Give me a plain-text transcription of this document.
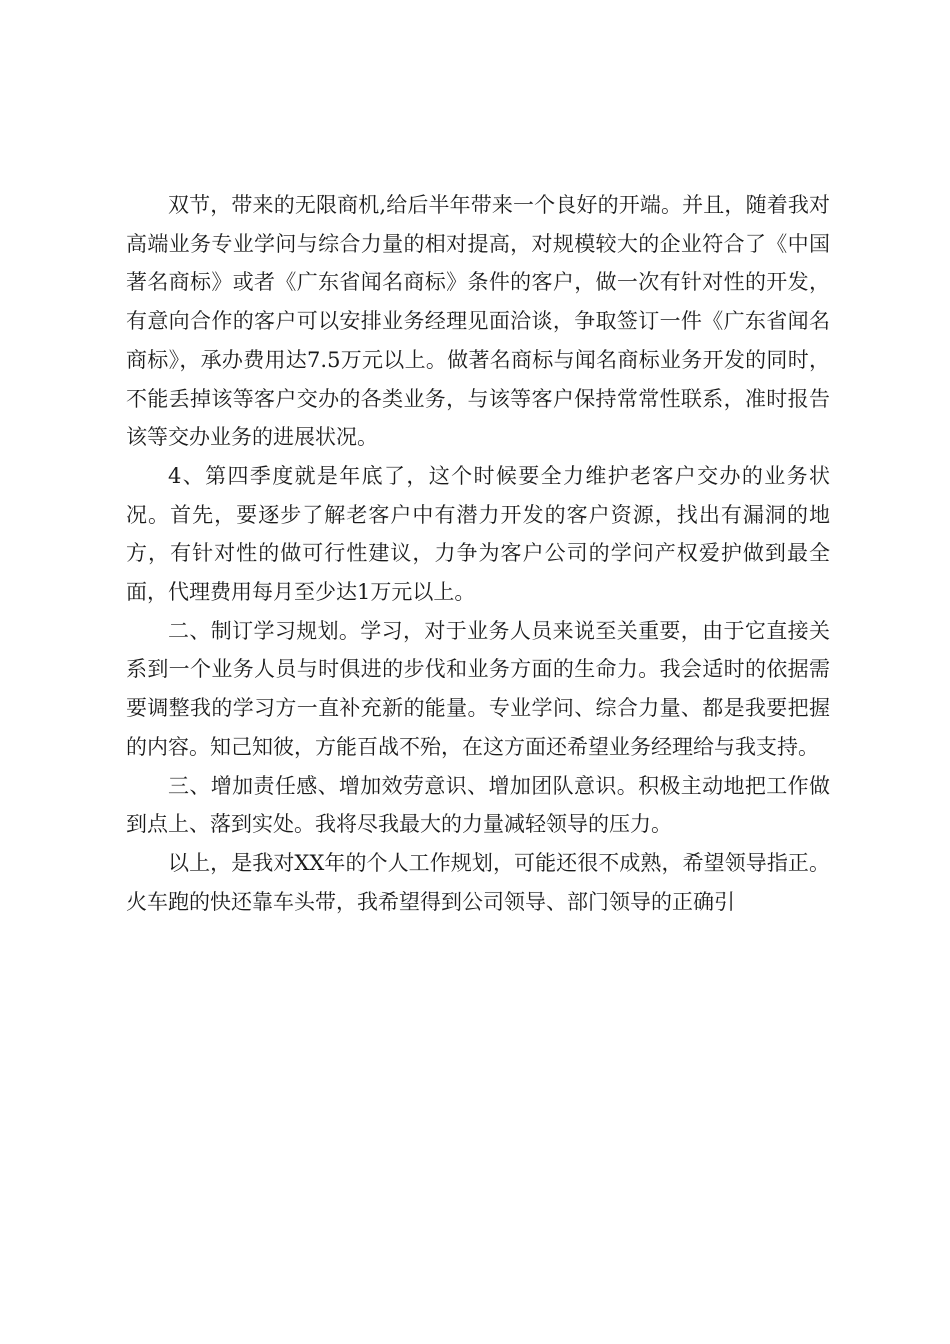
双节，带来的无限商机,给后半年带来一个良好的开端。并且，随着我对高端业务专业学问与综合力量的相对提高，对规模较大的企业符合了《中国著名商标》或者《广东省闻名商标》条件的客户，做一次有针对性的开发，有意向合作的客户可以安排业务经理见面洽谈，争取签订一件《广东省闻名商标》，承办费用达7.5万元以上。做著名商标与闻名商标业务开发的同时，不能丢掉该等客户交办的各类业务，与该等客户保持常常性联系，准时报告该等交办业务的进展状况。

4、第四季度就是年底了，这个时候要全力维护老客户交办的业务状况。首先，要逐步了解老客户中有潜力开发的客户资源，找出有漏洞的地方，有针对性的做可行性建议，力争为客户公司的学问产权爱护做到最全面，代理费用每月至少达1万元以上。

二、制订学习规划。学习，对于业务人员来说至关重要，由于它直接关系到一个业务人员与时俱进的步伐和业务方面的生命力。我会适时的依据需要调整我的学习方一直补充新的能量。专业学问、综合力量、都是我要把握的内容。知己知彼，方能百战不殆，在这方面还希望业务经理给与我支持。

三、增加责任感、增加效劳意识、增加团队意识。积极主动地把工作做到点上、落到实处。我将尽我最大的力量减轻领导的压力。

以上，是我对XX年的个人工作规划，可能还很不成熟，希望领导指正。火车跑的快还靠车头带，我希望得到公司领导、部门领导的正确引
